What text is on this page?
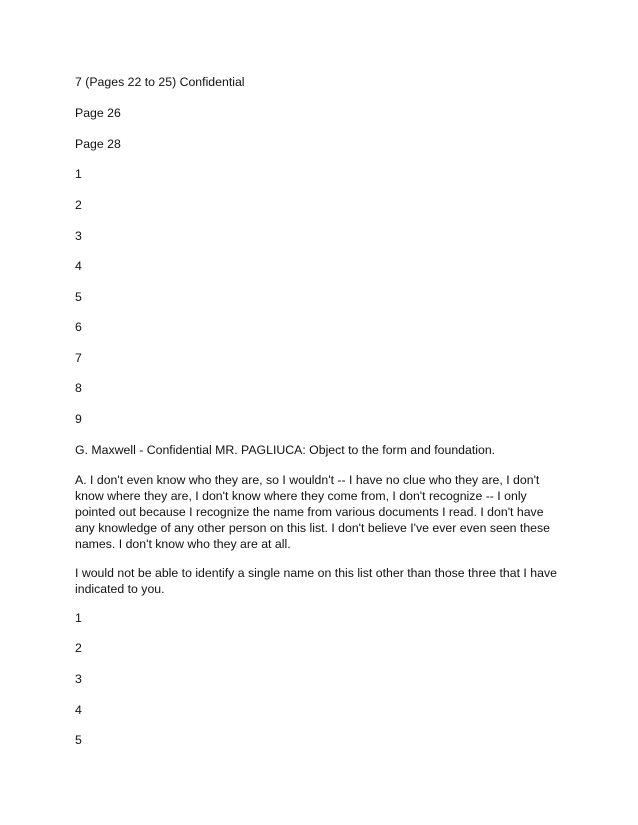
7 (Pages 22 to 25) Confidential
Page 26
Page 28
1
2
3
4
5
6
7
8
9
G. Maxwell - Confidential MR. PAGLIUCA: Object to the form and foundation.
A. I don't even know who they are, so I wouldn't -- I have no clue who they are, I don't know where they are, I don't know where they come from, I don't recognize -- I only pointed out because I recognize the name from various documents I read. I don't have any knowledge of any other person on this list. I don't believe I've ever even seen these names. I don't know who they are at all.
I would not be able to identify a single name on this list other than those three that I have indicated to you.
1
2
3
4
5
